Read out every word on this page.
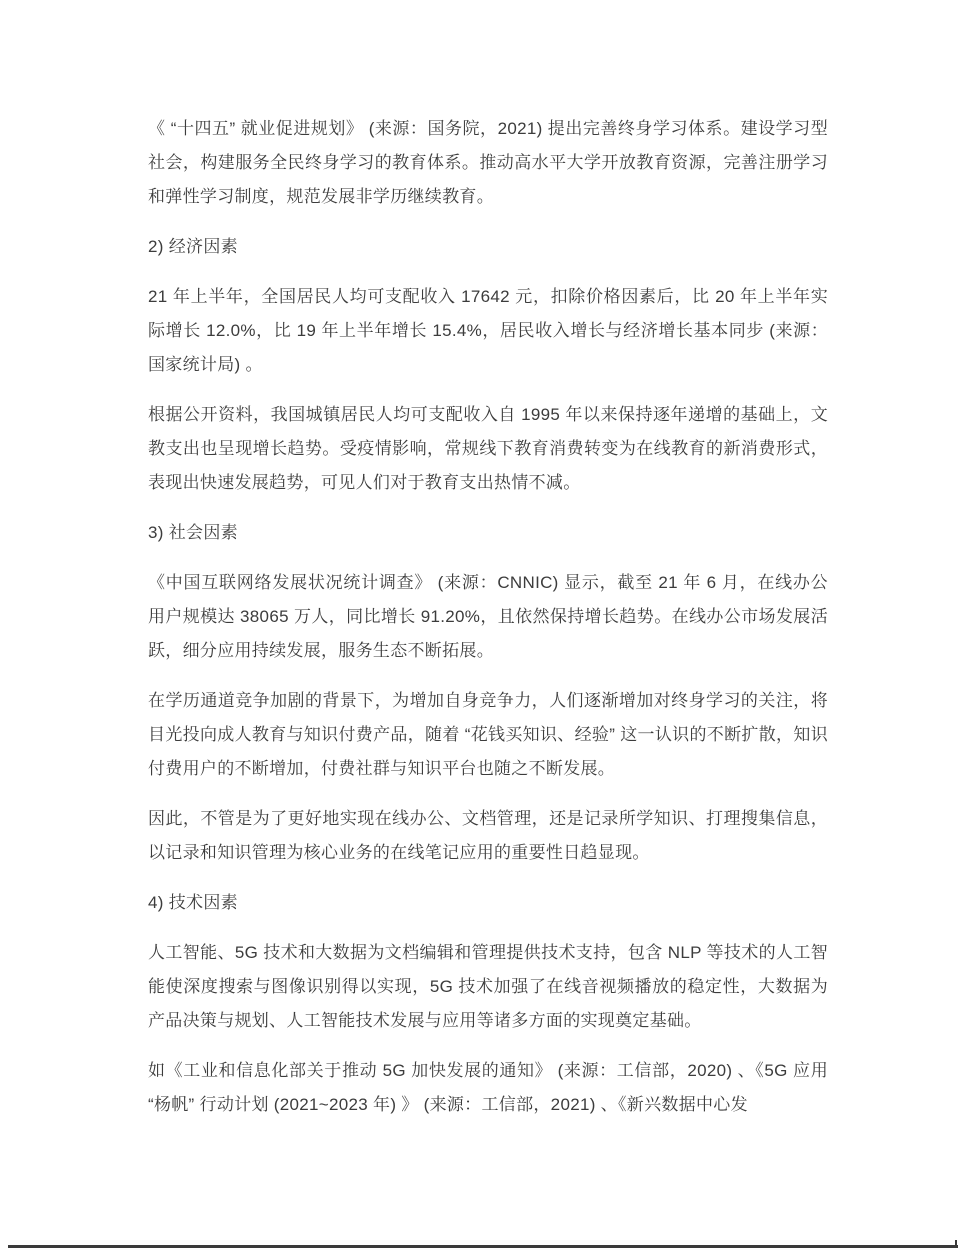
《 “十四五” 就业促进规划》 (来源：国务院，2021) 提出完善终身学习体系。建设学习型社会，构建服务全民终身学习的教育体系。推动高水平大学开放教育资源，完善注册学习和弹性学习制度，规范发展非学历继续教育。

2) 经济因素

21 年上半年，全国居民人均可支配收入 17642 元，扣除价格因素后，比 20 年上半年实际增长 12.0%，比 19 年上半年增长 15.4%，居民收入增长与经济增长基本同步 (来源：国家统计局) 。

根据公开资料，我国城镇居民人均可支配收入自 1995 年以来保持逐年递增的基础上，文教支出也呈现增长趋势。受疫情影响，常规线下教育消费转变为在线教育的新消费形式，表现出快速发展趋势，可见人们对于教育支出热情不减。

3) 社会因素

《中国互联网络发展状况统计调查》 (来源：CNNIC) 显示，截至 21 年 6 月，在线办公用户规模达 38065 万人，同比增长 91.20%，且依然保持增长趋势。在线办公市场发展活跃，细分应用持续发展，服务生态不断拓展。

在学历通道竞争加剧的背景下，为增加自身竞争力，人们逐渐增加对终身学习的关注，将目光投向成人教育与知识付费产品，随着 “花钱买知识、经验” 这一认识的不断扩散，知识付费用户的不断增加，付费社群与知识平台也随之不断发展。

因此，不管是为了更好地实现在线办公、文档管理，还是记录所学知识、打理搜集信息，以记录和知识管理为核心业务的在线笔记应用的重要性日趋显现。

4) 技术因素

人工智能、5G 技术和大数据为文档编辑和管理提供技术支持，包含 NLP 等技术的人工智能使深度搜索与图像识别得以实现，5G 技术加强了在线音视频播放的稳定性，大数据为产品决策与规划、人工智能技术发展与应用等诸多方面的实现奠定基础。

如《工业和信息化部关于推动 5G 加快发展的通知》 (来源：工信部，2020) 、《5G 应用 “杨帆” 行动计划 (2021~2023 年) 》 (来源：工信部，2021) 、《新兴数据中心发
